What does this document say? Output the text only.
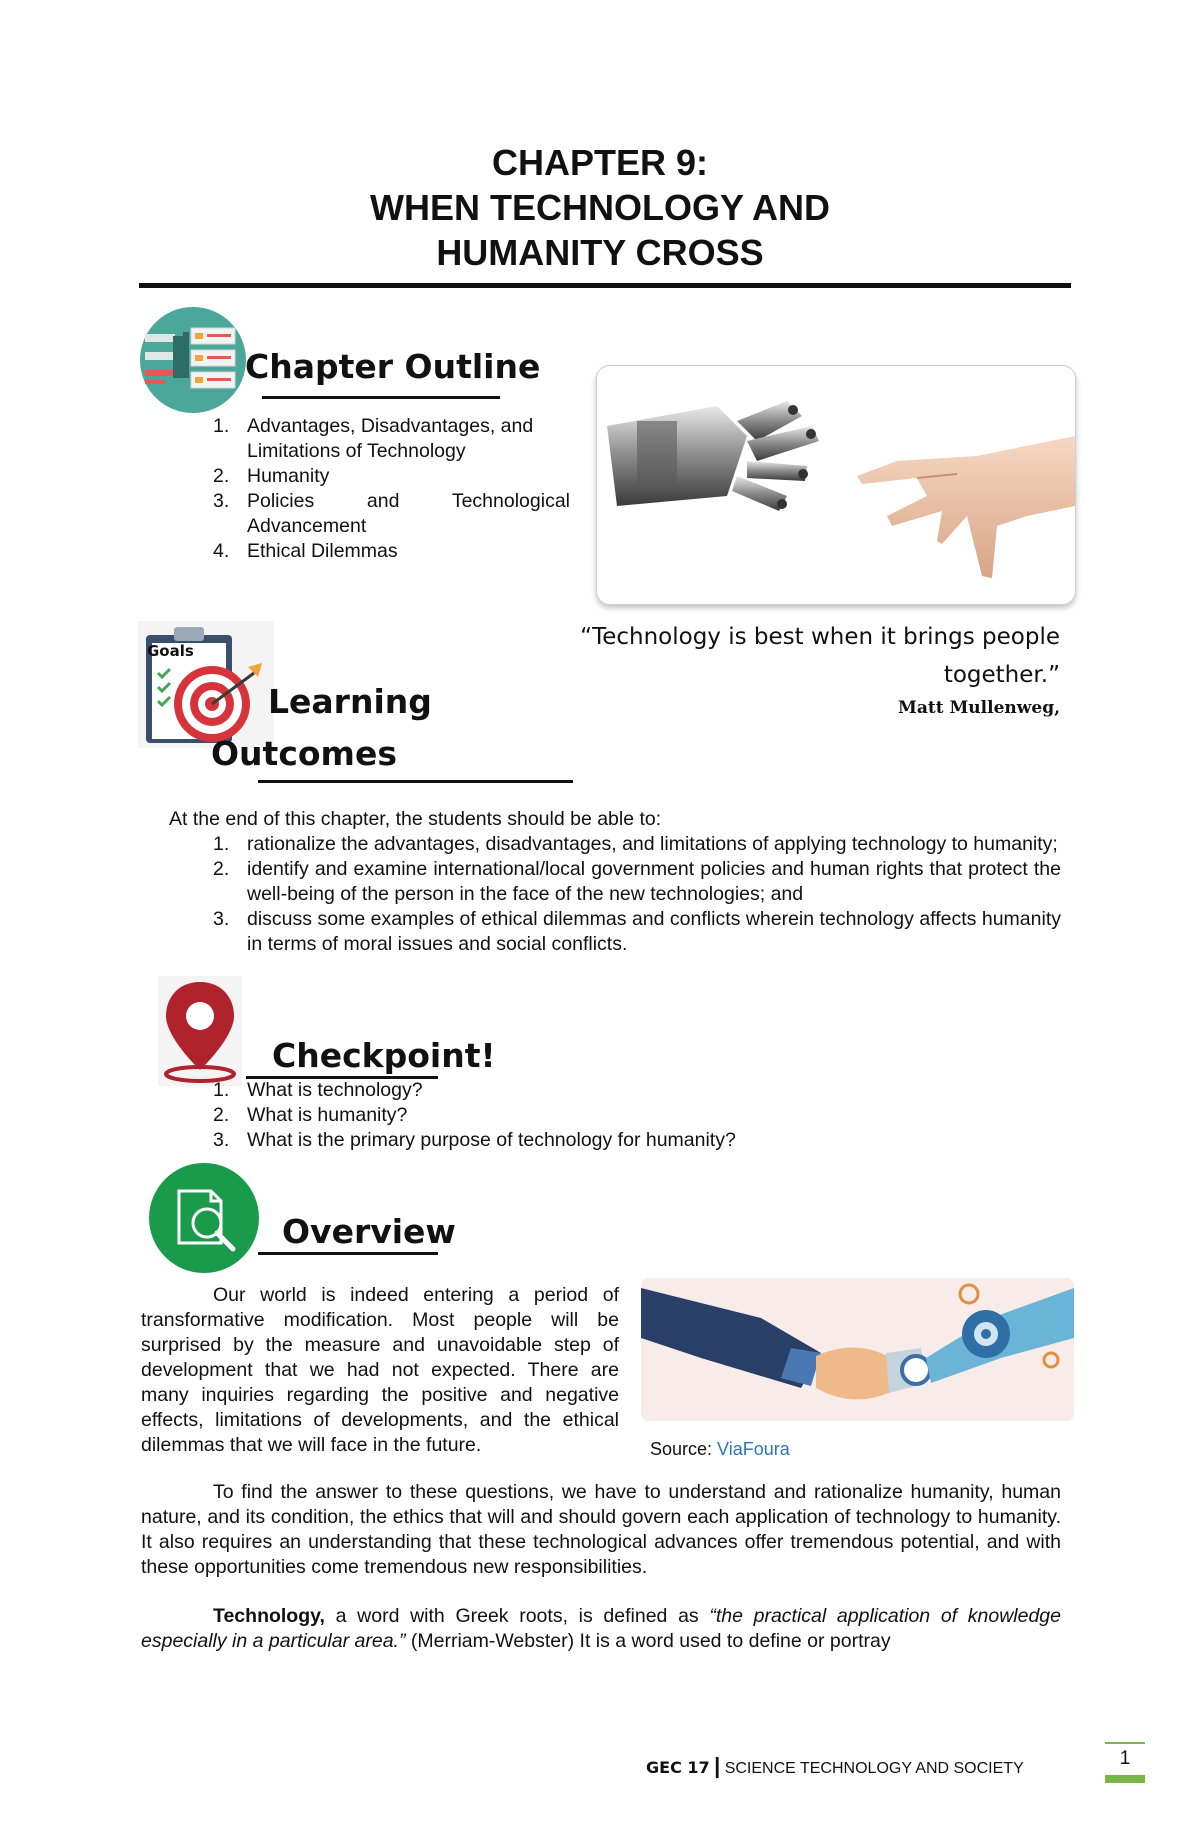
CHAPTER 9:
WHEN TECHNOLOGY AND
HUMANITY CROSS
Chapter Outline
1. Advantages, Disadvantages, and Limitations of Technology
2. Humanity
3. Policies and Technological Advancement
4. Ethical Dilemmas
“Technology is best when it brings people
together.”
Matt Mullenweg,
Goals
Learning
Outcomes
At the end of this chapter, the students should be able to:
1. rationalize the advantages, disadvantages, and limitations of applying technology to humanity;
2. identify and examine international/local government policies and human rights that protect the well-being of the person in the face of the new technologies; and
3. discuss some examples of ethical dilemmas and conflicts wherein technology affects humanity in terms of moral issues and social conflicts.
Checkpoint!
1. What is technology?
2. What is humanity?
3. What is the primary purpose of technology for humanity?
Overview
Our world is indeed entering a period of transformative modification. Most people will be surprised by the measure and unavoidable step of development that we had not expected. There are many inquiries regarding the positive and negative effects, limitations of developments, and the ethical dilemmas that we will face in the future.	Source: ViaFoura
To find the answer to these questions, we have to understand and rationalize humanity, human nature, and its condition, the ethics that will and should govern each application of technology to humanity. It also requires an understanding that these technological advances offer tremendous potential, and with these opportunities come tremendous new responsibilities.
Technology, a word with Greek roots, is defined as “the practical application of knowledge especially in a particular area.” (Merriam-Webster) It is a word used to define or portray
GEC 17 | SCIENCE TECHNOLOGY AND SOCIETY	1
